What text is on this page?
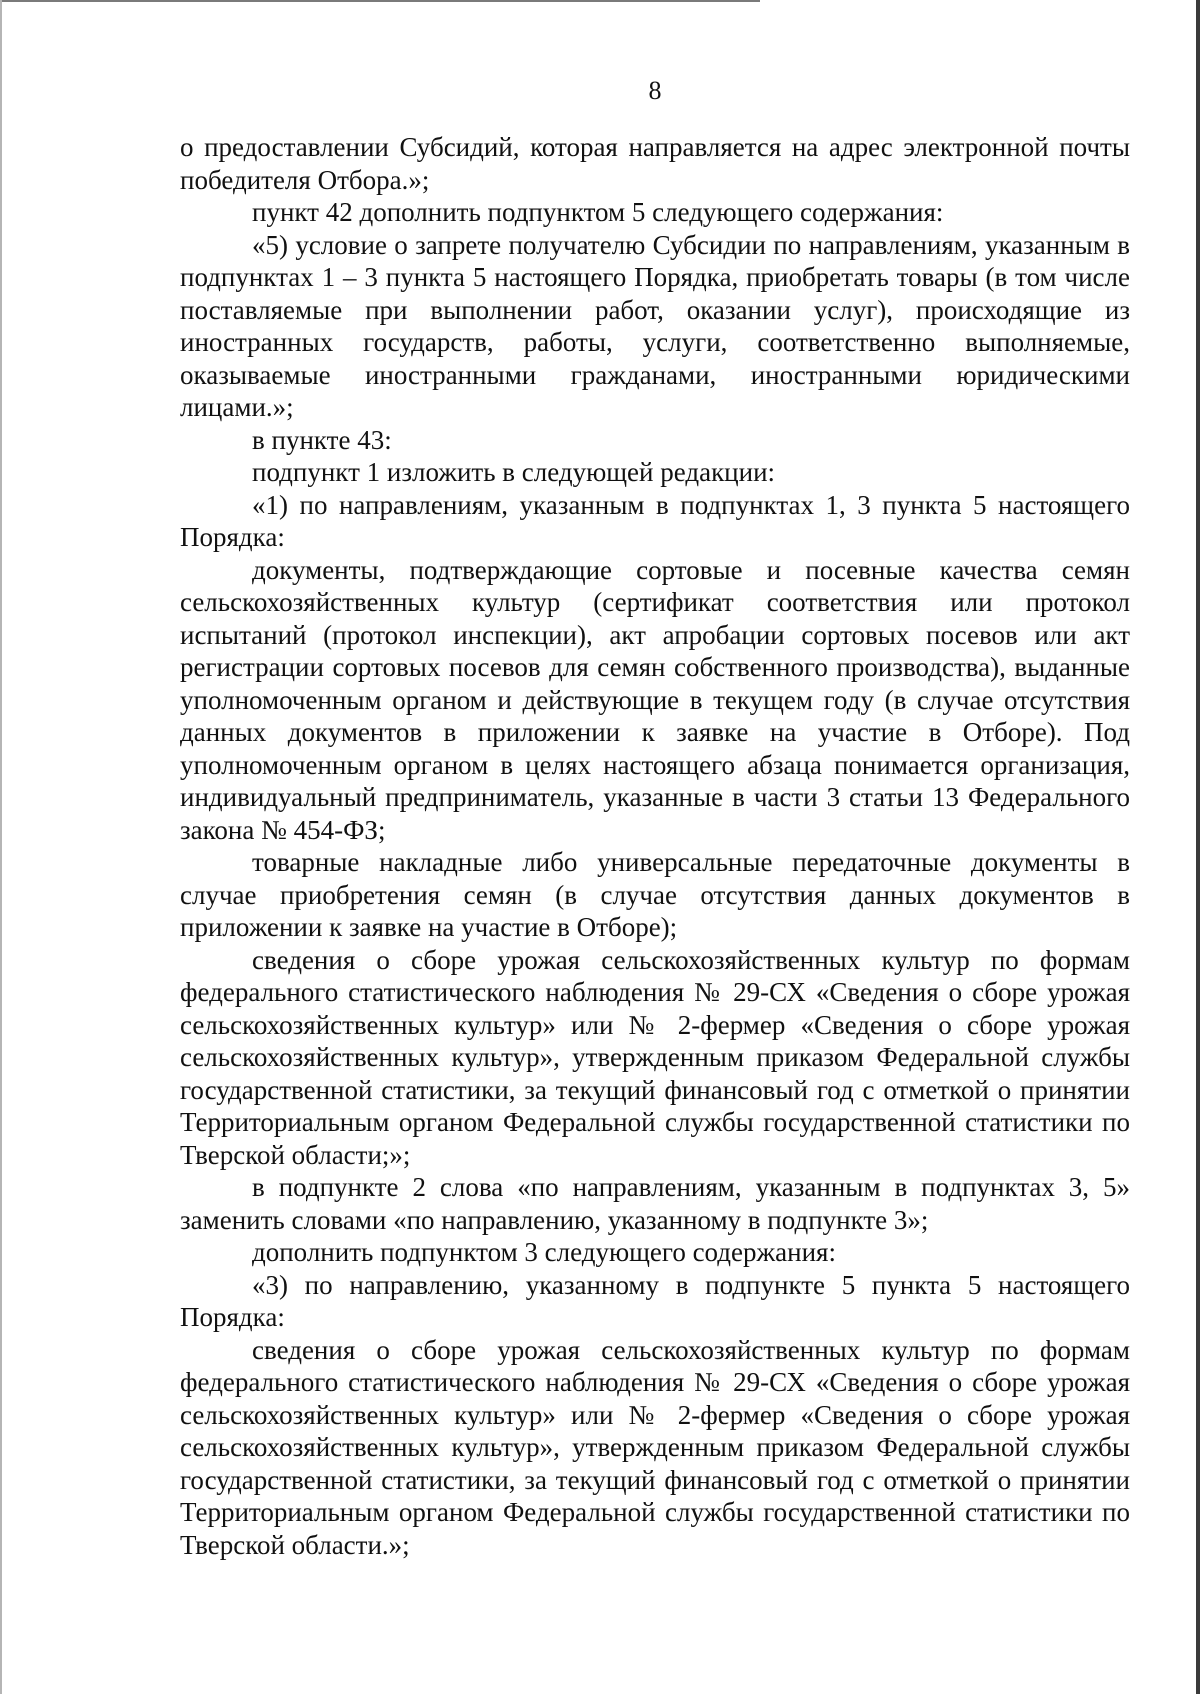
8

о предоставлении Субсидий, которая направляется на адрес электронной почты победителя Отбора.»;

пункт 42 дополнить подпунктом 5 следующего содержания:

«5) условие о запрете получателю Субсидии по направлениям, указанным в подпунктах 1 – 3 пункта 5 настоящего Порядка, приобретать товары (в том числе поставляемые при выполнении работ, оказании услуг), происходящие из иностранных государств, работы, услуги, соответственно выполняемые, оказываемые иностранными гражданами, иностранными юридическими лицами.»;

в пункте 43:

подпункт 1 изложить в следующей редакции:

«1) по направлениям, указанным в подпунктах 1, 3 пункта 5 настоящего Порядка:

документы, подтверждающие сортовые и посевные качества семян сельскохозяйственных культур (сертификат соответствия или протокол испытаний (протокол инспекции), акт апробации сортовых посевов или акт регистрации сортовых посевов для семян собственного производства), выданные уполномоченным органом и действующие в текущем году (в случае отсутствия данных документов в приложении к заявке на участие в Отборе). Под уполномоченным органом в целях настоящего абзаца понимается организация, индивидуальный предприниматель, указанные в части 3 статьи 13 Федерального закона № 454-ФЗ;

товарные накладные либо универсальные передаточные документы в случае приобретения семян (в случае отсутствия данных документов в приложении к заявке на участие в Отборе);

сведения о сборе урожая сельскохозяйственных культур по формам федерального статистического наблюдения № 29-СХ «Сведения о сборе урожая сельскохозяйственных культур» или № 2-фермер «Сведения о сборе урожая сельскохозяйственных культур», утвержденным приказом Федеральной службы государственной статистики, за текущий финансовый год с отметкой о принятии Территориальным органом Федеральной службы государственной статистики по Тверской области;»;

в подпункте 2 слова «по направлениям, указанным в подпунктах 3, 5» заменить словами «по направлению, указанному в подпункте 3»;

дополнить подпунктом 3 следующего содержания:

«3) по направлению, указанному в подпункте 5 пункта 5 настоящего Порядка:

сведения о сборе урожая сельскохозяйственных культур по формам федерального статистического наблюдения № 29-СХ «Сведения о сборе урожая сельскохозяйственных культур» или № 2-фермер «Сведения о сборе урожая сельскохозяйственных культур», утвержденным приказом Федеральной службы государственной статистики, за текущий финансовый год с отметкой о принятии Территориальным органом Федеральной службы государственной статистики по Тверской области.»;
